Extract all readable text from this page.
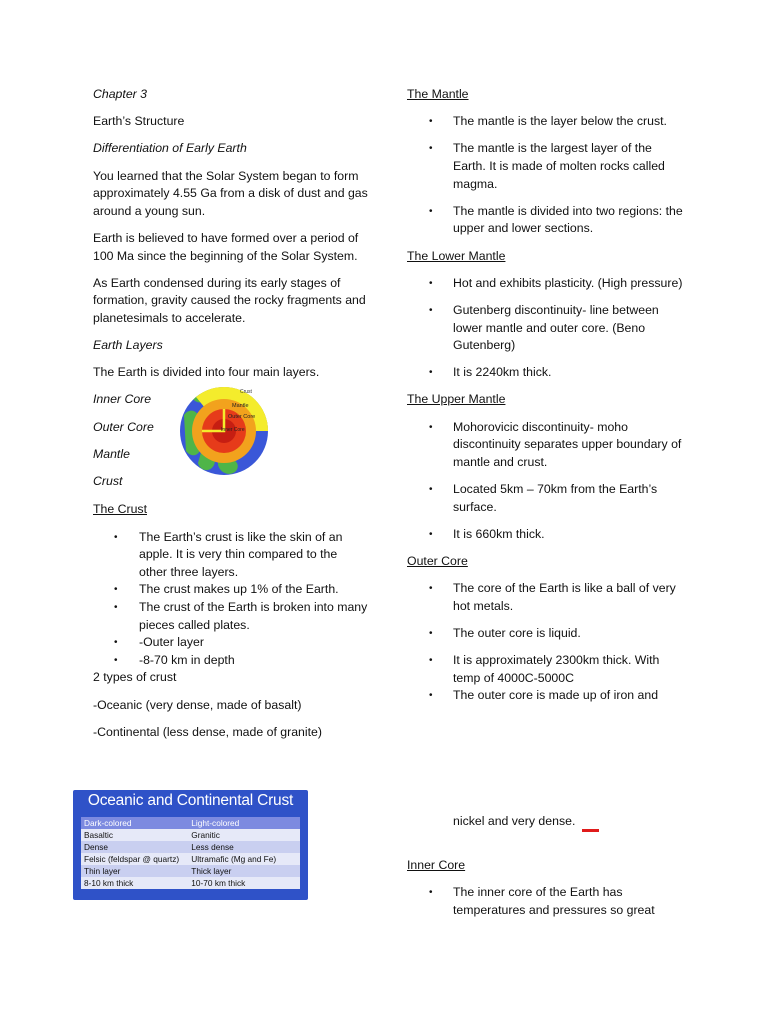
Chapter 3

Earth’s Structure

Differentiation of Early Earth

You learned that the Solar System began to form approximately 4.55 Ga from a disk of dust and gas around a young sun.

Earth is believed to have formed over a period of 100 Ma since the beginning of the Solar System.

As Earth condensed during its early stages of formation, gravity caused the rocky fragments and planetesimals to accelerate.

Earth Layers

The Earth is divided into four main layers.

Inner Core

Outer Core

Mantle

Crust

Crust
Mantle
Outer Core
Inner Core

The Crust

• The Earth’s crust is like the skin of an apple. It is very thin compared to the other three layers.
• The crust makes up 1% of the Earth.
• The crust of the Earth is broken into many pieces called plates.
• -Outer layer
• -8-70 km in depth

2 types of crust

-Oceanic (very dense, made of basalt)

-Continental (less dense, made of granite)

Oceanic and Continental Crust
Dark-colored	Light-colored
Basaltic	Granitic
Dense	Less dense
Felsic (feldspar @ quartz)	Ultramafic (Mg and Fe)
Thin layer	Thick layer
8-10 km thick	10-70 km thick

The Mantle

• The mantle is the layer below the crust.
• The mantle is the largest layer of the Earth. It is made of molten rocks called magma.
• The mantle is divided into two regions: the upper and lower sections.

The Lower Mantle

• Hot and exhibits plasticity. (High pressure)
• Gutenberg discontinuity- line between lower mantle and outer core. (Beno Gutenberg)
• It is 2240km thick.

The Upper Mantle

• Mohorovicic discontinuity- moho discontinuity separates upper boundary of mantle and crust.
• Located 5km – 70km from the Earth’s surface.
• It is 660km thick.

Outer Core

• The core of the Earth is like a ball of very hot metals.
• The outer core is liquid.
• It is approximately 2300km thick. With temp of 4000C-5000C
• The outer core is made up of iron and
nickel and very dense.

Inner Core

• The inner core of the Earth has temperatures and pressures so great
